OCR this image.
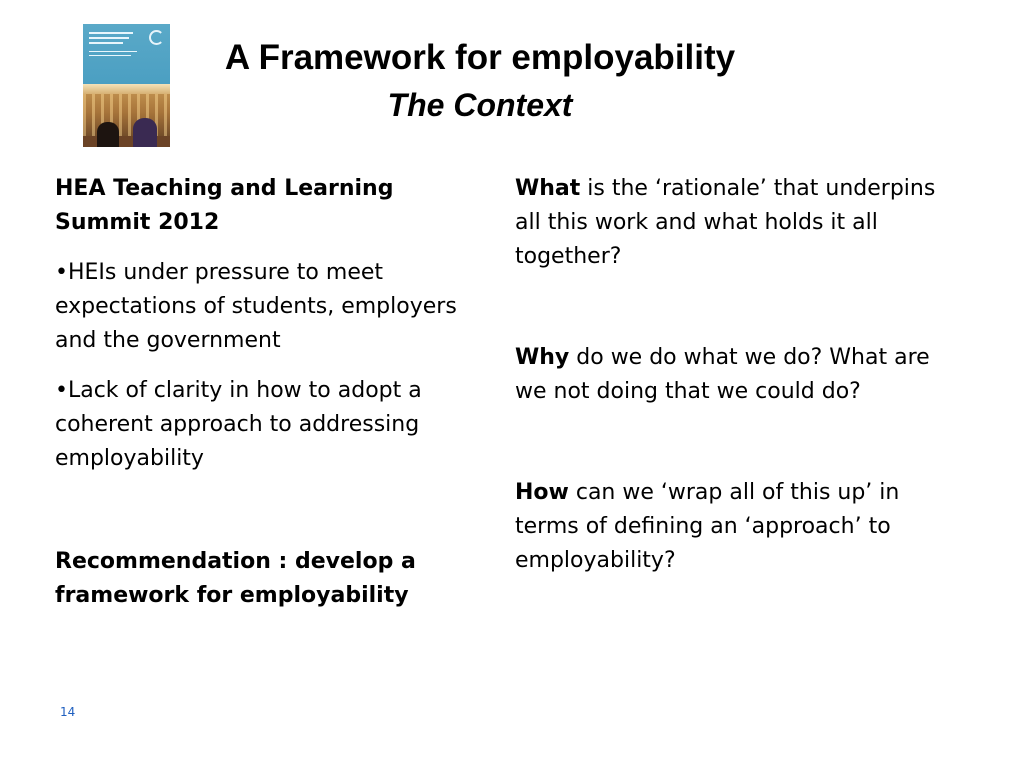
A Framework for employability
The Context

HEA Teaching and Learning Summit 2012

•HEIs under pressure to meet expectations of students, employers and the government

•Lack of clarity in how to adopt a coherent approach to addressing employability

Recommendation : develop a framework for employability

What is the ‘rationale’ that underpins all this work and what holds it all together?

Why do we do what we do? What are we not doing that we could do?

How can we ‘wrap all of this up’ in terms of defining an ‘approach’ to employability?

14
